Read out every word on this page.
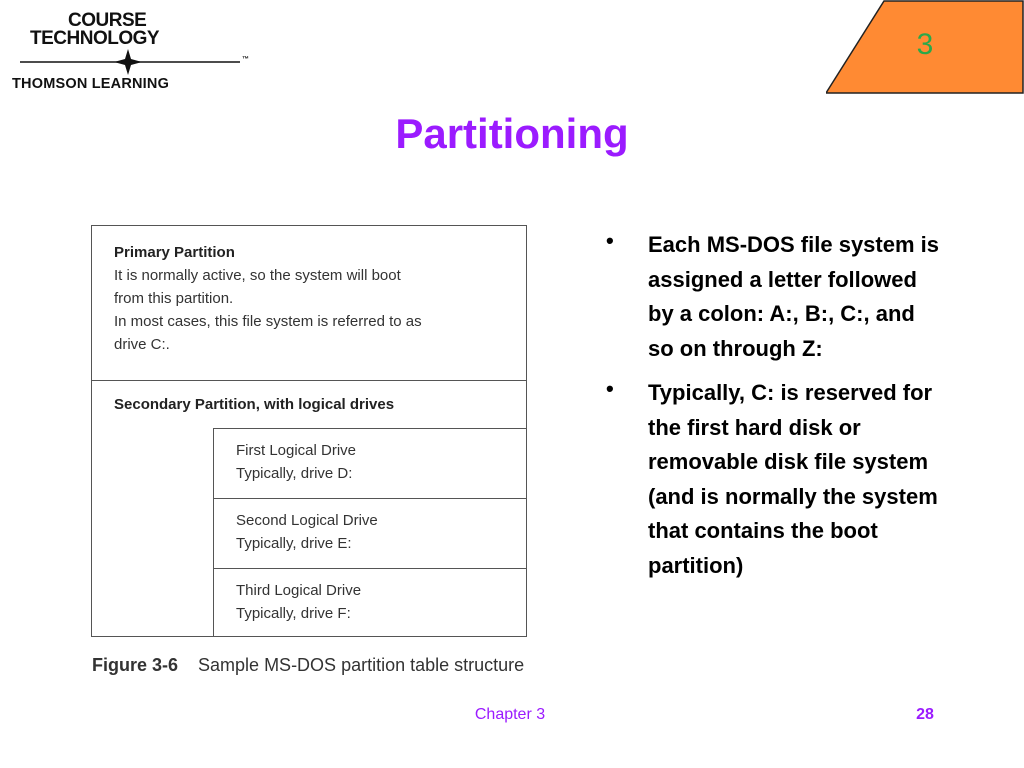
COURSE
TECHNOLOGY
™
THOMSON LEARNING
3
Partitioning
Primary Partition
It is normally active, so the system will boot
from this partition.
In most cases, this file system is referred to as
drive C:.
Secondary Partition, with logical drives
First Logical Drive
Typically, drive D:
Second Logical Drive
Typically, drive E:
Third Logical Drive
Typically, drive F:
Figure 3-6 Sample MS-DOS partition table structure
• Each MS-DOS file system is assigned a letter followed by a colon: A:, B:, C:, and so on through Z:
• Typically, C: is reserved for the first hard disk or removable disk file system (and is normally the system that contains the boot partition)
Chapter 3	28
